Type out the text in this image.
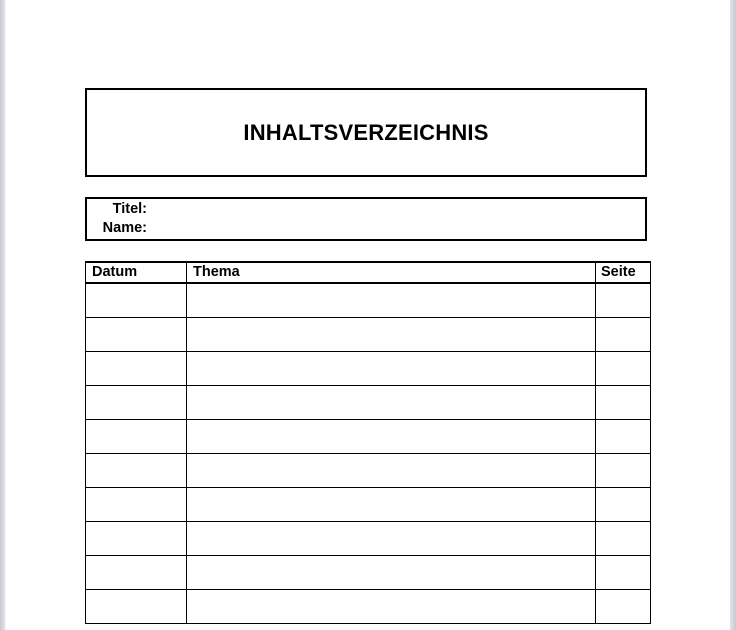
INHALTSVERZEICHNIS
Titel:
Name:
Datum	Thema	Seite
